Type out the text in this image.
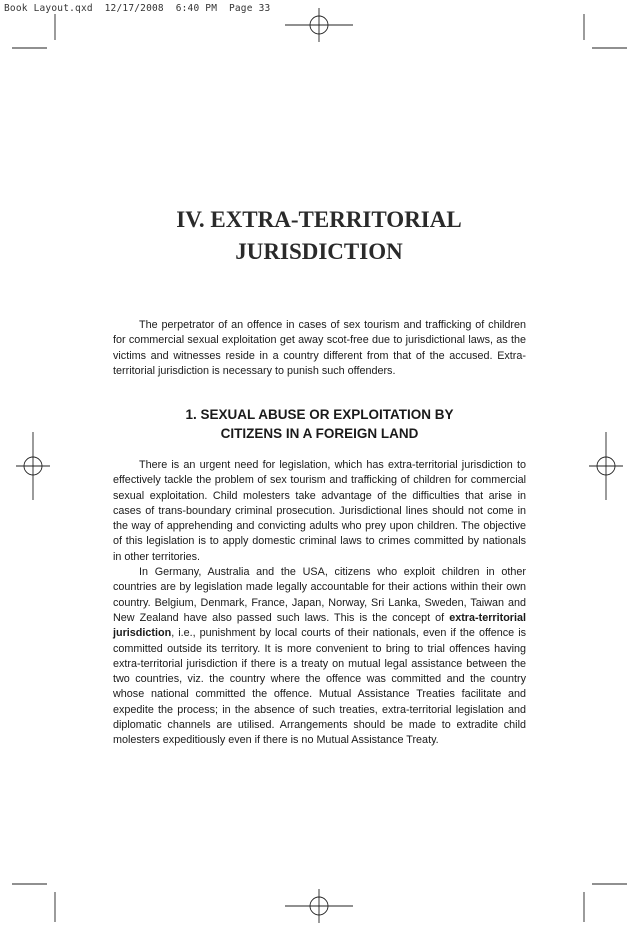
Book Layout.qxd 12/17/2008 6:40 PM Page 33
IV. EXTRA-TERRITORIAL
JURISDICTION

The perpetrator of an offence in cases of sex tourism and trafficking of children for commercial sexual exploitation get away scot-free due to jurisdictional laws, as the victims and witnesses reside in a country different from that of the accused. Extra-territorial jurisdiction is necessary to punish such offenders.

1. SEXUAL ABUSE OR EXPLOITATION BY
CITIZENS IN A FOREIGN LAND

There is an urgent need for legislation, which has extra-territorial jurisdiction to effectively tackle the problem of sex tourism and trafficking of children for commercial sexual exploitation. Child molesters take advantage of the difficulties that arise in cases of trans-boundary criminal prosecution. Jurisdictional lines should not come in the way of apprehending and convicting adults who prey upon children. The objective of this legislation is to apply domestic criminal laws to crimes committed by nationals in other territories.

In Germany, Australia and the USA, citizens who exploit children in other countries are by legislation made legally accountable for their actions within their own country. Belgium, Denmark, France, Japan, Norway, Sri Lanka, Sweden, Taiwan and New Zealand have also passed such laws. This is the concept of extra-territorial jurisdiction, i.e., punishment by local courts of their nationals, even if the offence is committed outside its territory. It is more convenient to bring to trial offences having extra-territorial jurisdiction if there is a treaty on mutual legal assistance between the two countries, viz. the country where the offence was committed and the country whose national committed the offence. Mutual Assistance Treaties facilitate and expedite the process; in the absence of such treaties, extra-territorial legislation and diplomatic channels are utilised. Arrangements should be made to extradite child molesters expeditiously even if there is no Mutual Assistance Treaty.
